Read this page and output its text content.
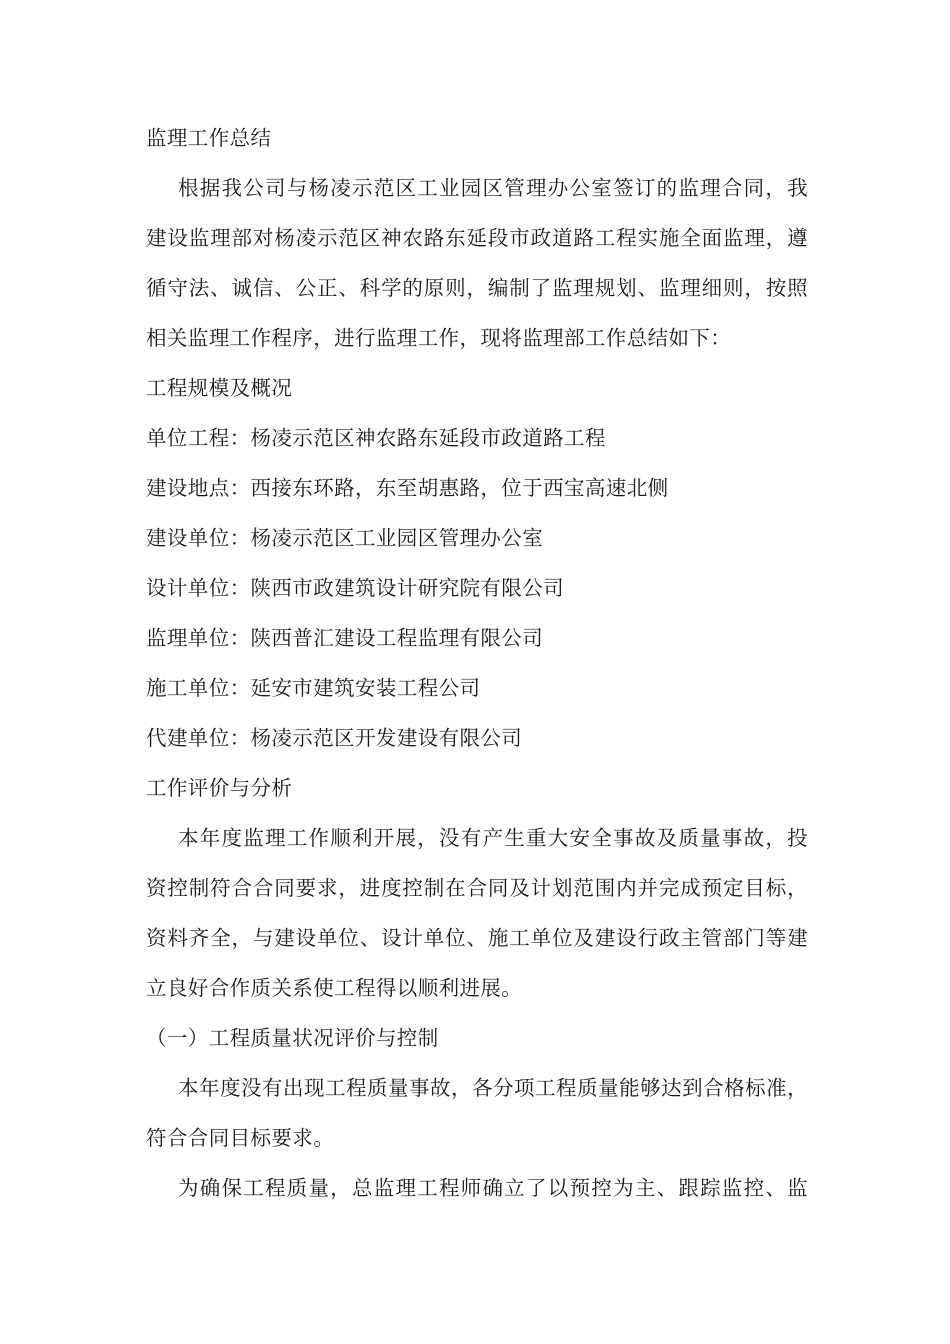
监理工作总结
根据我公司与杨凌示范区工业园区管理办公室签订的监理合同，我
建设监理部对杨凌示范区神农路东延段市政道路工程实施全面监理，遵
循守法、诚信、公正、科学的原则，编制了监理规划、监理细则，按照
相关监理工作程序，进行监理工作，现将监理部工作总结如下：
工程规模及概况
单位工程：杨凌示范区神农路东延段市政道路工程
建设地点：西接东环路，东至胡惠路，位于西宝高速北侧
建设单位：杨凌示范区工业园区管理办公室
设计单位：陕西市政建筑设计研究院有限公司
监理单位：陕西普汇建设工程监理有限公司
施工单位：延安市建筑安装工程公司
代建单位：杨凌示范区开发建设有限公司
工作评价与分析
本年度监理工作顺利开展，没有产生重大安全事故及质量事故，投
资控制符合合同要求，进度控制在合同及计划范围内并完成预定目标，
资料齐全，与建设单位、设计单位、施工单位及建设行政主管部门等建
立良好合作质关系使工程得以顺利进展。
（一）工程质量状况评价与控制
本年度没有出现工程质量事故，各分项工程质量能够达到合格标准，
符合合同目标要求。
为确保工程质量，总监理工程师确立了以预控为主、跟踪监控、监
